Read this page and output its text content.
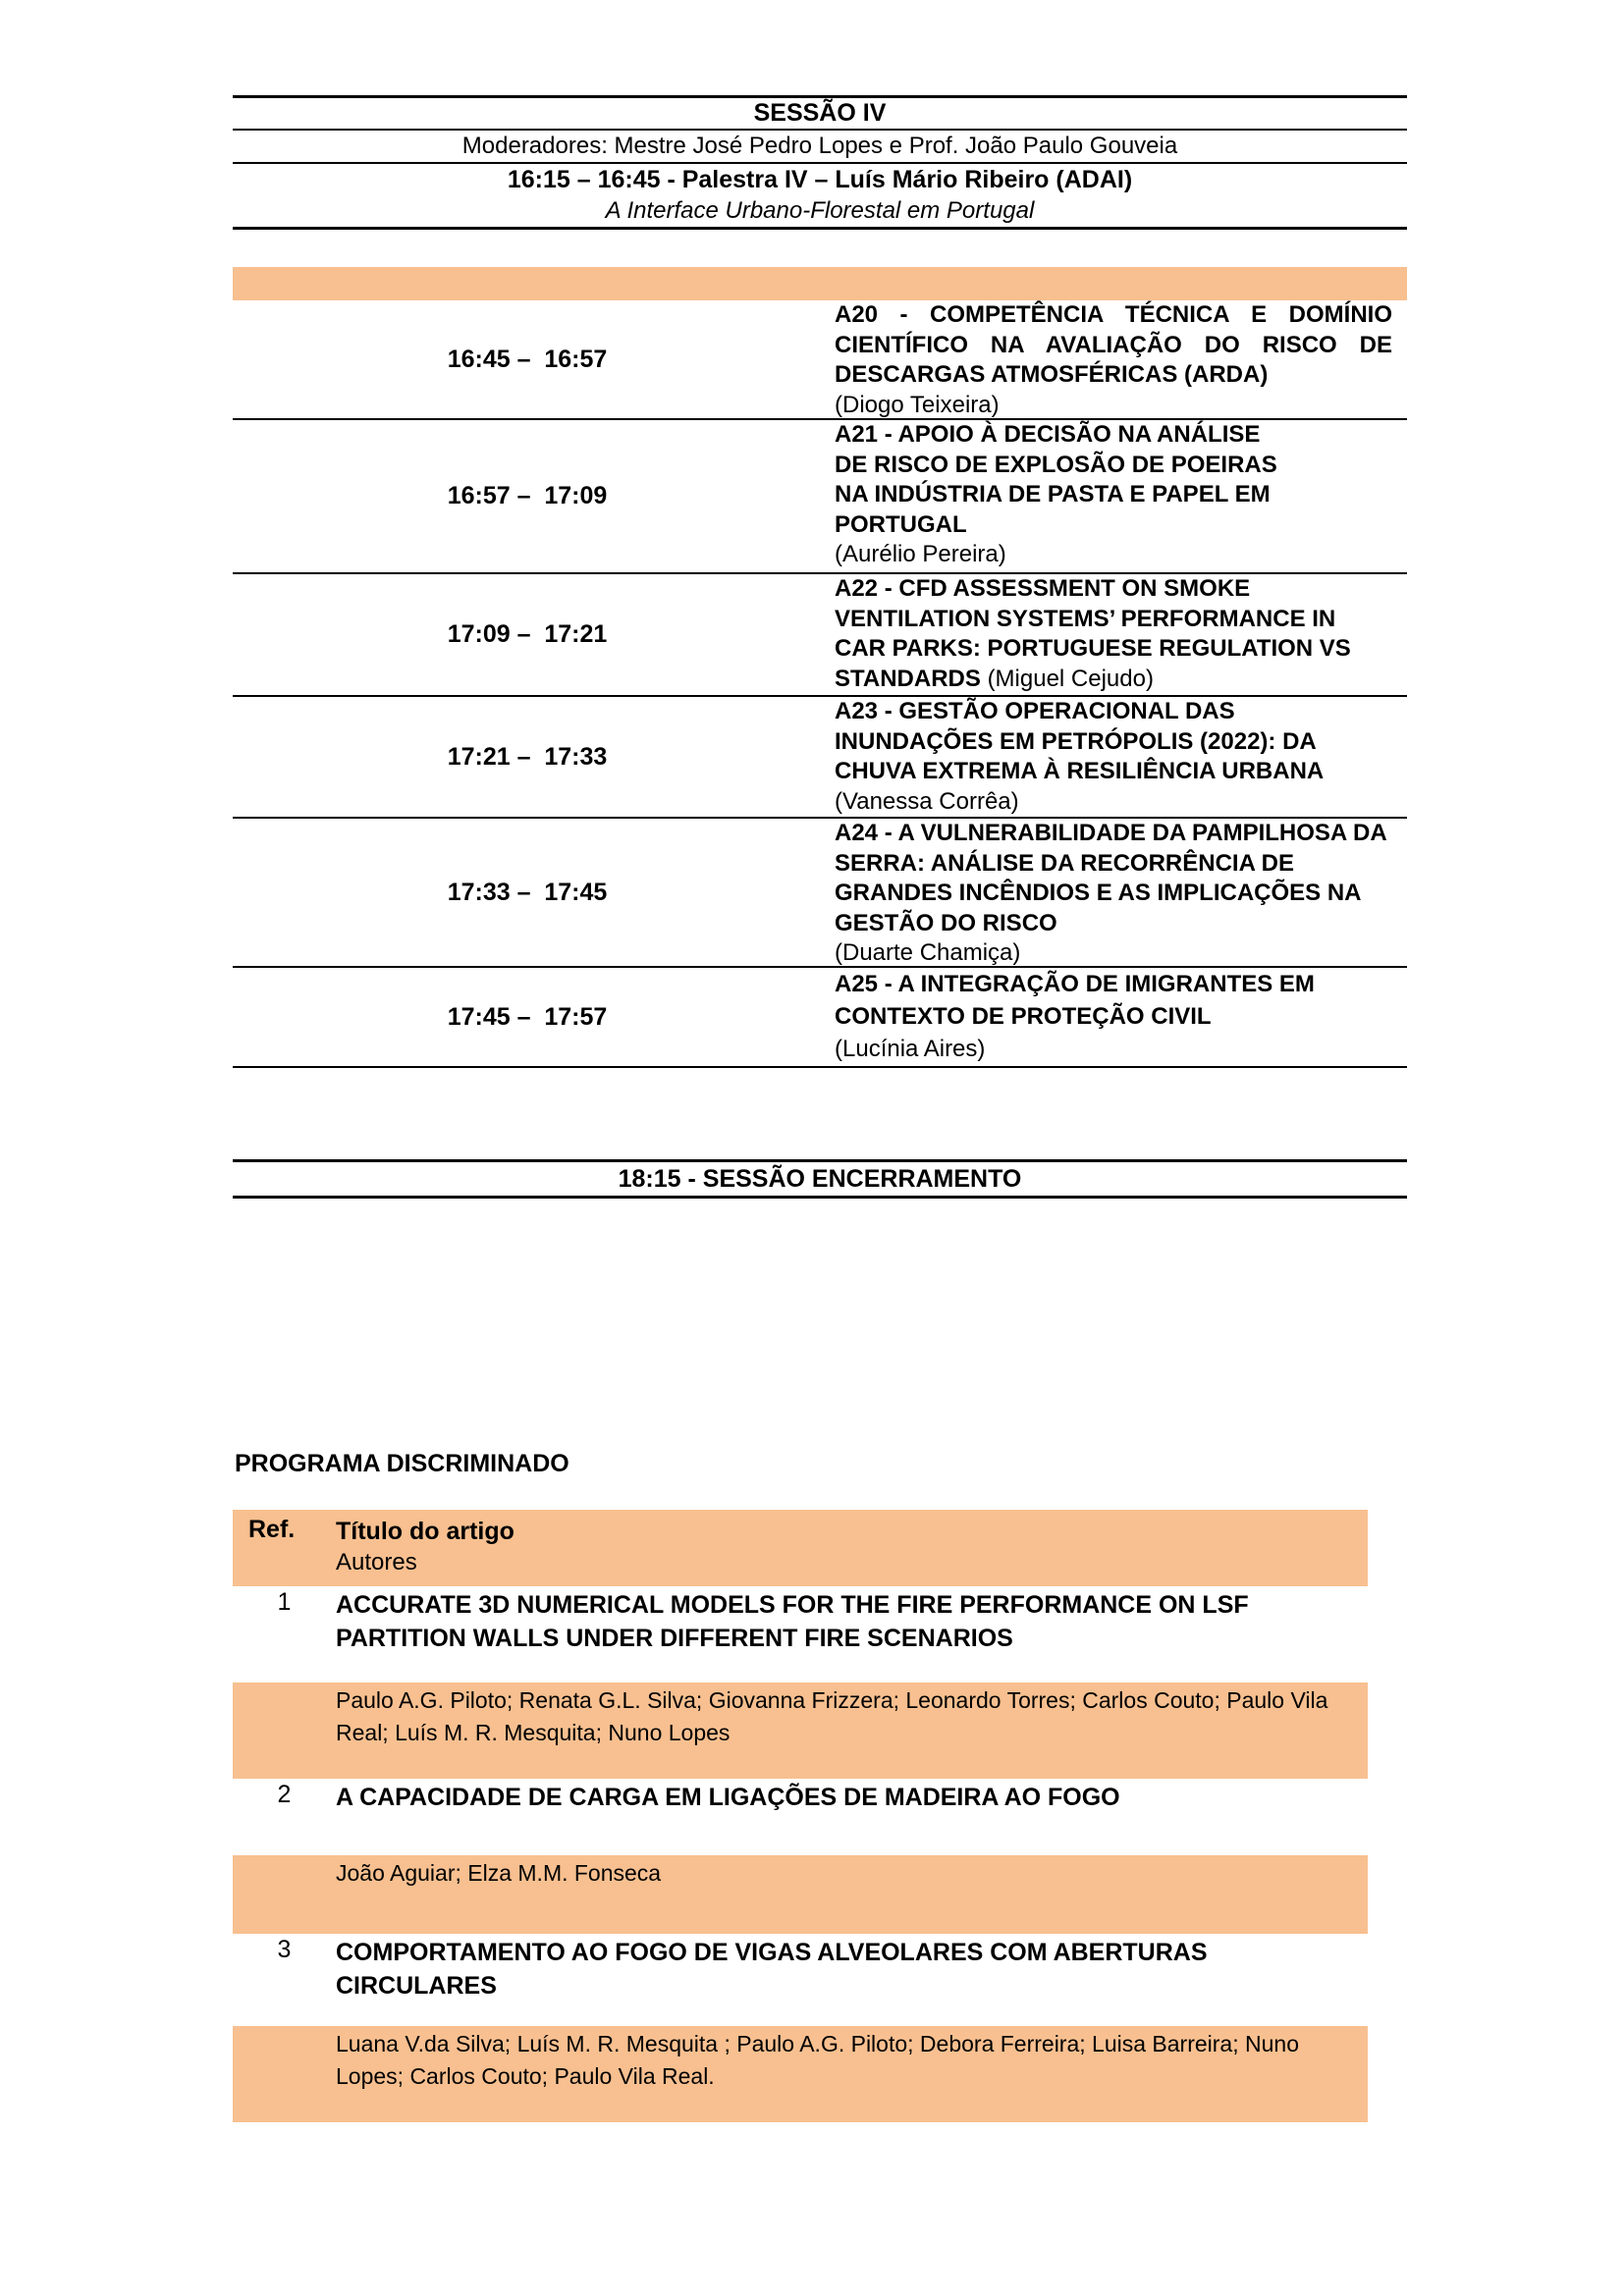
SESSÃO IV
Moderadores: Mestre José Pedro Lopes e Prof. João Paulo Gouveia
16:15 – 16:45 - Palestra IV – Luís Mário Ribeiro (ADAI)
A Interface Urbano-Florestal em Portugal
16:45 –  16:57
A20 - COMPETÊNCIA TÉCNICA E DOMÍNIO CIENTÍFICO NA AVALIAÇÃO DO RISCO DE DESCARGAS ATMOSFÉRICAS (ARDA)
(Diogo Teixeira)
16:57 –  17:09
A21 - APOIO À DECISÃO NA ANÁLISE DE RISCO DE EXPLOSÃO DE POEIRAS NA INDÚSTRIA DE PASTA E PAPEL EM PORTUGAL
(Aurélio Pereira)
17:09 –  17:21
A22 - CFD ASSESSMENT ON SMOKE VENTILATION SYSTEMS’ PERFORMANCE IN CAR PARKS: PORTUGUESE REGULATION VS STANDARDS (Miguel Cejudo)
17:21 –  17:33
A23 - GESTÃO OPERACIONAL DAS INUNDAÇÕES EM PETRÓPOLIS (2022): DA CHUVA EXTREMA À RESILIÊNCIA URBANA
(Vanessa Corrêa)
17:33 –  17:45
A24 - A VULNERABILIDADE DA PAMPILHOSA DA SERRA: ANÁLISE DA RECORRÊNCIA DE GRANDES INCÊNDIOS E AS IMPLICAÇÕES NA GESTÃO DO RISCO
(Duarte Chamiça)
17:45 –  17:57
A25 - A INTEGRAÇÃO DE IMIGRANTES EM CONTEXTO DE PROTEÇÃO CIVIL
(Lucínia Aires)
18:15 - SESSÃO ENCERRAMENTO
PROGRAMA DISCRIMINADO
Ref.	Título do artigo
Autores
1	ACCURATE 3D NUMERICAL MODELS FOR THE FIRE PERFORMANCE ON LSF PARTITION WALLS UNDER DIFFERENT FIRE SCENARIOS
Paulo A.G. Piloto; Renata G.L. Silva; Giovanna Frizzera; Leonardo Torres; Carlos Couto; Paulo Vila Real; Luís M. R. Mesquita; Nuno Lopes
2	A CAPACIDADE DE CARGA EM LIGAÇÕES DE MADEIRA AO FOGO
João Aguiar; Elza M.M. Fonseca
3	COMPORTAMENTO AO FOGO DE VIGAS ALVEOLARES COM ABERTURAS CIRCULARES
Luana V.da Silva; Luís M. R. Mesquita ; Paulo A.G. Piloto; Debora Ferreira; Luisa Barreira; Nuno Lopes; Carlos Couto; Paulo Vila Real.
